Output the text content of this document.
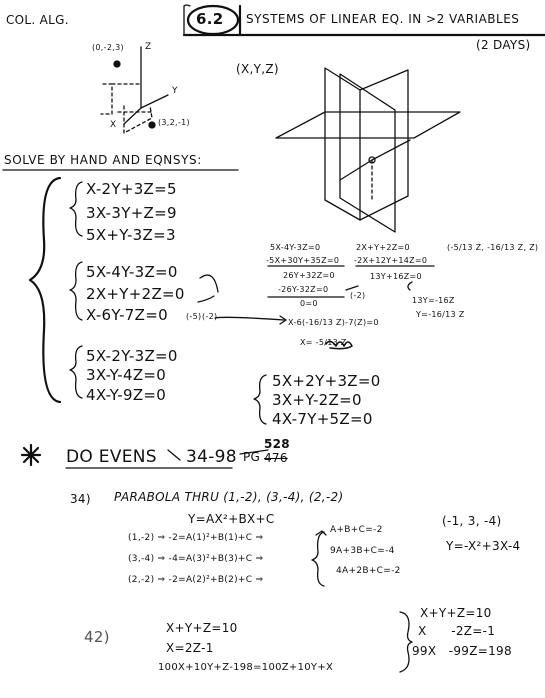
COL. ALG.	6.2 SYSTEMS OF LINEAR EQ. IN >2 VARIABLES
(2 DAYS)
(0,-2,3) Z
Y
X	(3,2,-1)
(X,Y,Z)
SOLVE BY HAND AND EQNSYS:
X-2Y+3Z=5
3X-3Y+Z=9
5X+Y-3Z=3
5X-4Y-3Z=0
2X+Y+2Z=0
X-6Y-7Z=0 (-5) (-2)
5X-2Y-3Z=0
3X-Y-4Z=0
4X-Y-9Z=0
5X-4Y-3Z=0
-5X+30Y+35Z=0
26Y+32Z=0
-26Y-32Z=0
0=0
(-2)
2X+Y+2Z=0
-2X+12Y+14Z=0
13Y+16Z=0
13Y=-16Z
Y=-16/13 Z
(-5/13 Z, -16/13 Z, Z)
X-6(-16/13 Z)-7(Z)=0
X= -5/13 Z
5X+2Y+3Z=0
3X+Y-2Z=0
4X-7Y+5Z=0
DO EVENS 34-98 PG
528
476
34) PARABOLA THRU (1,-2), (3,-4), (2,-2)
Y=AX²+BX+C
(1,-2) ⇒ -2=A(1)²+B(1)+C ⇒
(3,-4) ⇒ -4=A(3)²+B(3)+C ⇒
(2,-2) ⇒ -2=A(2)²+B(2)+C ⇒
A+B+C=-2
9A+3B+C=-4
4A+2B+C=-2
(-1, 3, -4)
Y=-X²+3X-4
42)	X+Y+Z=10
X=2Z-1
100X+10Y+Z-198=100Z+10Y+X
X+Y+Z=10
X      -2Z=-1
99X   -99Z=198
